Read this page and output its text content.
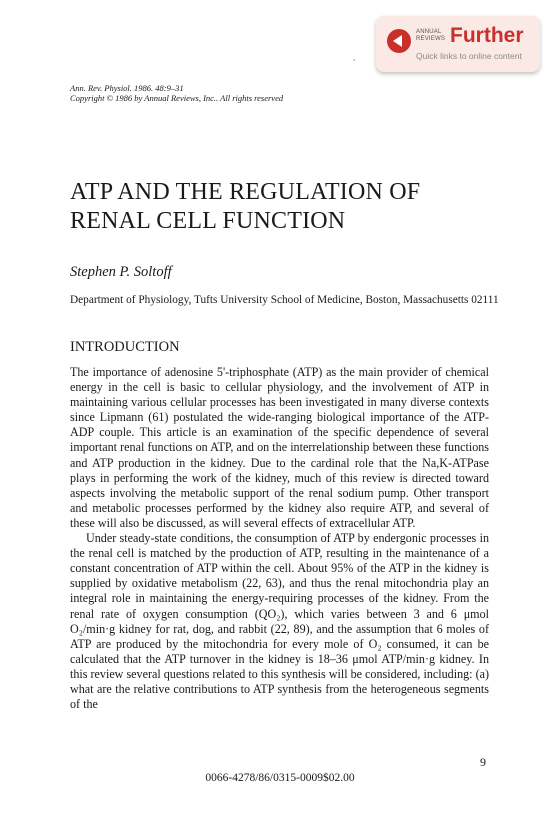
ANNUAL REVIEWS Further
Quick links to online content
Ann. Rev. Physiol. 1986. 48:9–31
Copyright © 1986 by Annual Reviews, Inc.. All rights reserved
ATP AND THE REGULATION OF RENAL CELL FUNCTION
Stephen P. Soltoff
Department of Physiology, Tufts University School of Medicine, Boston, Massachusetts 02111
INTRODUCTION

The importance of adenosine 5'-triphosphate (ATP) as the main provider of chemical energy in the cell is basic to cellular physiology, and the involvement of ATP in maintaining various cellular processes has been investigated in many diverse contexts since Lipmann (61) postulated the wide-ranging biological importance of the ATP-ADP couple. This article is an examination of the specific dependence of several important renal functions on ATP, and on the interrelationship between these functions and ATP production in the kidney. Due to the cardinal role that the Na,K-ATPase plays in performing the work of the kidney, much of this review is directed toward aspects involving the metabolic support of the renal sodium pump. Other transport and metabolic processes performed by the kidney also require ATP, and several of these will also be discussed, as will several effects of extracellular ATP.

Under steady-state conditions, the consumption of ATP by endergonic processes in the renal cell is matched by the production of ATP, resulting in the maintenance of a constant concentration of ATP within the cell. About 95% of the ATP in the kidney is supplied by oxidative metabolism (22, 63), and thus the renal mitochondria play an integral role in maintaining the energy-requiring processes of the kidney. From the renal rate of oxygen consumption (QO₂), which varies between 3 and 6 μmol O₂/min·g kidney for rat, dog, and rabbit (22, 89), and the assumption that 6 moles of ATP are produced by the mitochondria for every mole of O₂ consumed, it can be calculated that the ATP turnover in the kidney is 18–36 μmol ATP/min·g kidney. In this review several questions related to this synthesis will be considered, including: (a) what are the relative contributions to ATP synthesis from the heterogeneous segments of the

9
0066-4278/86/0315-0009$02.00
